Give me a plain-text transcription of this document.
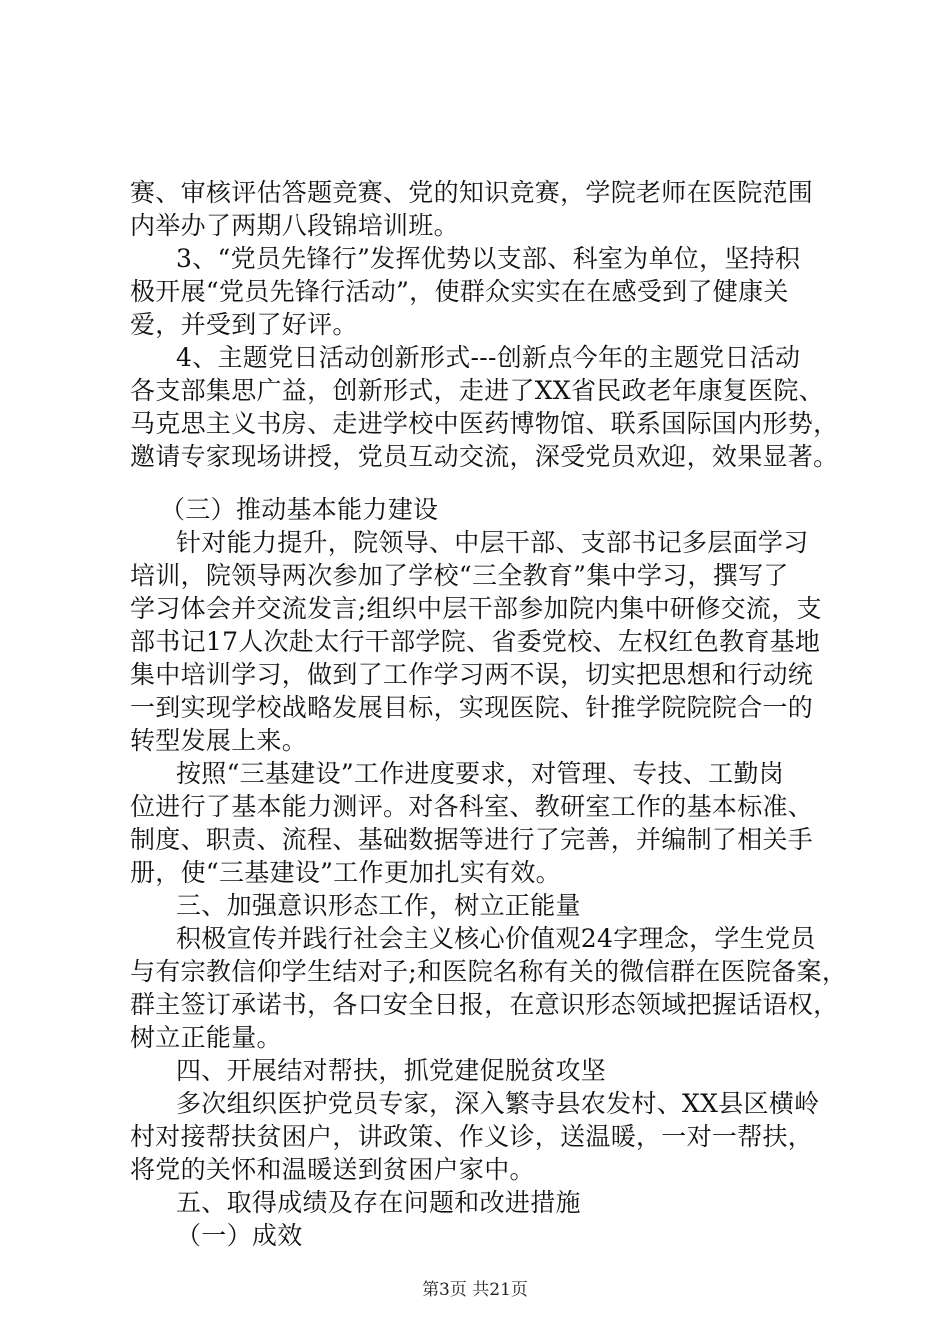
赛、审核评估答题竞赛、党的知识竞赛，学院老师在医院范围
内举办了两期八段锦培训班。
3、“党员先锋行”发挥优势以支部、科室为单位，坚持积
极开展“党员先锋行活动”，使群众实实在在感受到了健康关
爱，并受到了好评。
4、主题党日活动创新形式---创新点今年的主题党日活动
各支部集思广益，创新形式，走进了XX省民政老年康复医院、
马克思主义书房、走进学校中医药博物馆、联系国际国内形势，
邀请专家现场讲授，党员互动交流，深受党员欢迎，效果显著。
（三）推动基本能力建设
针对能力提升，院领导、中层干部、支部书记多层面学习
培训，院领导两次参加了学校“三全教育”集中学习，撰写了
学习体会并交流发言;组织中层干部参加院内集中研修交流，支
部书记17人次赴太行干部学院、省委党校、左权红色教育基地
集中培训学习，做到了工作学习两不误，切实把思想和行动统
一到实现学校战略发展目标，实现医院、针推学院院院合一的
转型发展上来。
按照“三基建设”工作进度要求，对管理、专技、工勤岗
位进行了基本能力测评。对各科室、教研室工作的基本标准、
制度、职责、流程、基础数据等进行了完善，并编制了相关手
册，使“三基建设”工作更加扎实有效。
三、加强意识形态工作，树立正能量
积极宣传并践行社会主义核心价值观24字理念，学生党员
与有宗教信仰学生结对子;和医院名称有关的微信群在医院备案，
群主签订承诺书，各口安全日报，在意识形态领域把握话语权，
树立正能量。
四、开展结对帮扶，抓党建促脱贫攻坚
多次组织医护党员专家，深入繁寺县农发村、XX县区横岭
村对接帮扶贫困户，讲政策、作义诊，送温暖，一对一帮扶，
将党的关怀和温暖送到贫困户家中。
五、取得成绩及存在问题和改进措施
（一）成效
第3页 共21页
